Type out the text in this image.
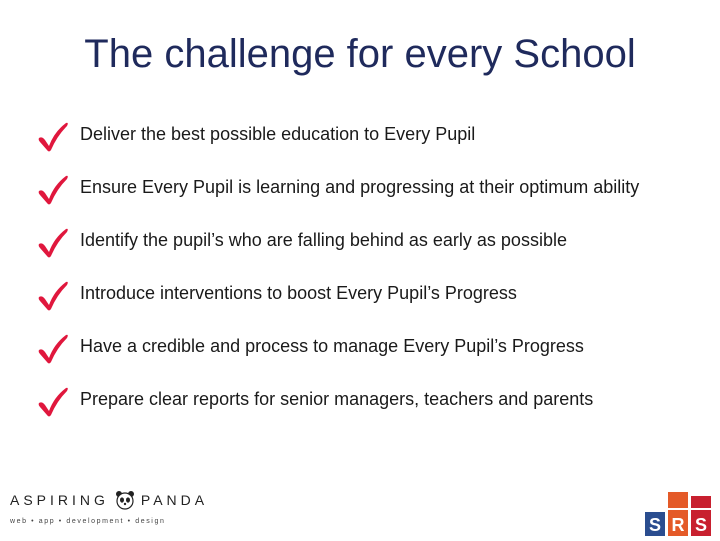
The challenge for every School
Deliver the best possible education to Every Pupil
Ensure Every Pupil is learning and progressing at their optimum ability
Identify the pupil’s who are falling behind as early as possible
Introduce interventions to boost Every Pupil’s Progress
Have a credible and process to manage Every Pupil’s Progress
Prepare clear reports for senior managers, teachers and parents
ASPIRING PANDA
web • app • development • design	S R S
